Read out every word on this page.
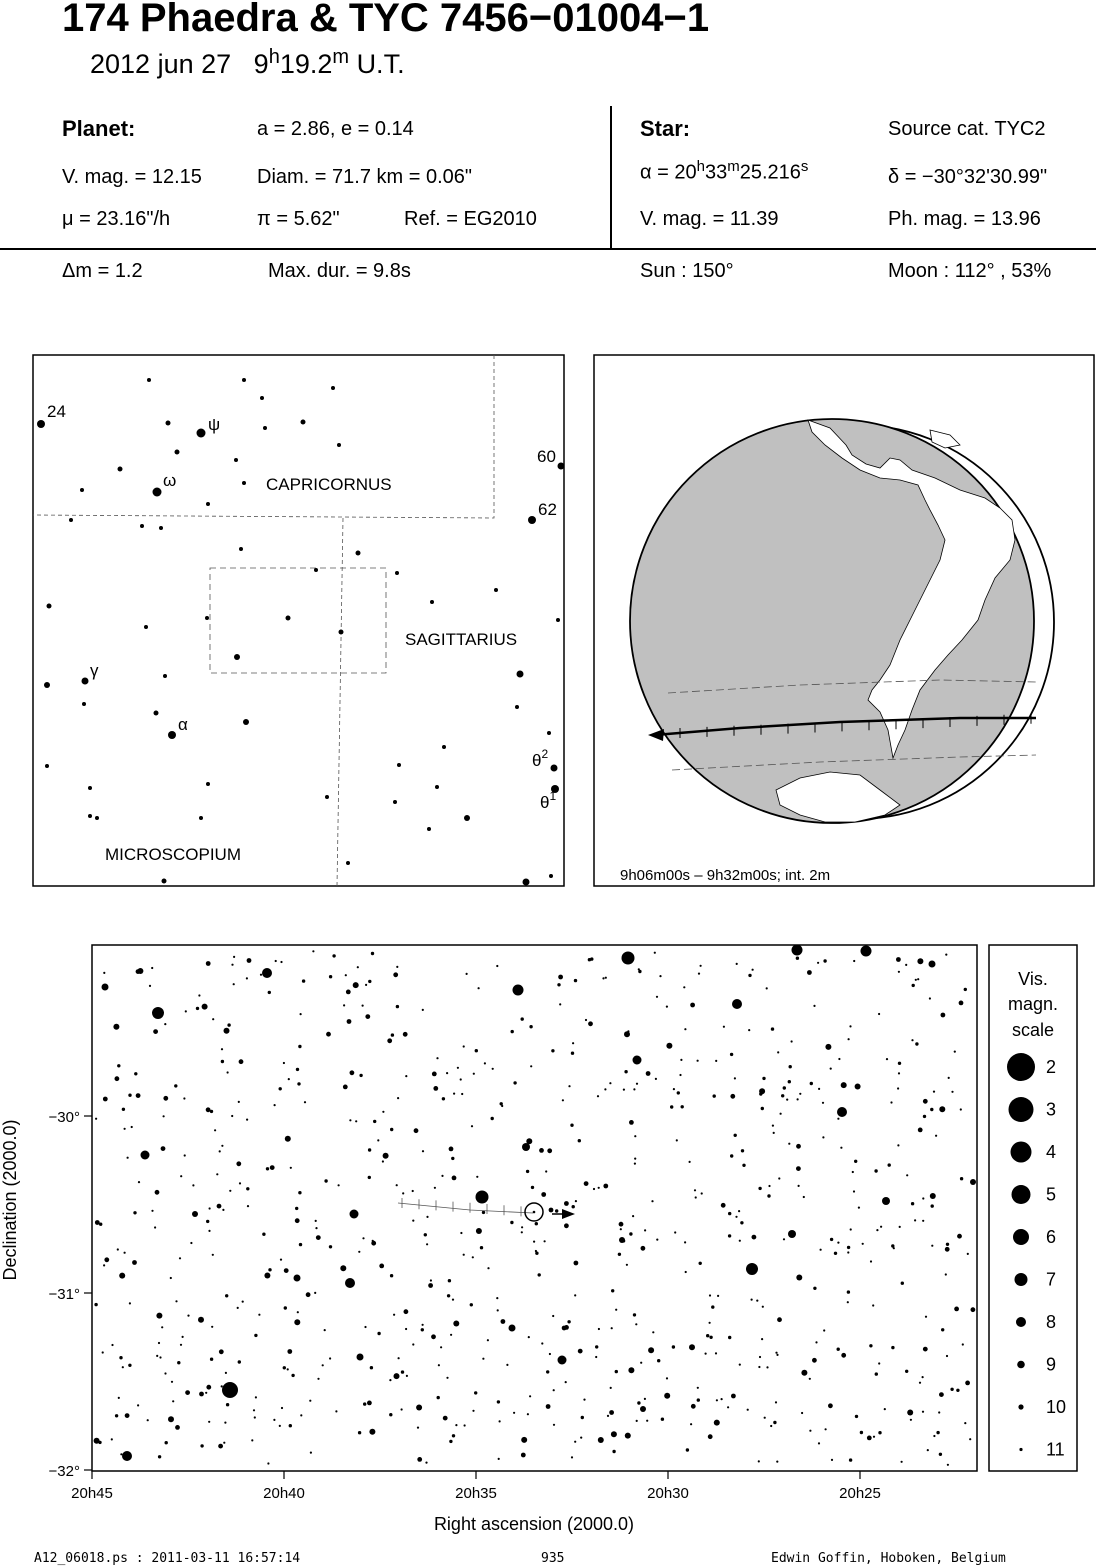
174 Phaedra & TYC 7456−01004−1
2012 jun 27 9$^h$19.2$^m$ U.T.
Planet:	a = 2.86, e = 0.14
V. mag. = 12.15	Diam. = 71.7 km = 0.06"
μ = 23.16"/h	π = 5.62"	Ref. = EG2010
Star:	Source cat. TYC2
$\alpha = 20^h33^m25.216^s$	δ = −30°32'30.99"
V. mag. = 11.39	Ph. mag. = 13.96
Δm = 1.2	Max. dur. = 9.8s	Sun : 150°	Moon : 112° , 53%
CAPRICORNUS
SAGITTARIUS
MICROSCOPIUM
24
ψ
ω
60
62
γ
α
$\theta^2$
$\theta^1$
9h06m00s – 9h32m00s; int. 2m
−30°
−31°
−32°
20h45	20h40	20h35	20h30	20h25
Right ascension (2000.0)
Declination (2000.0)
Vis.
magn.
scale
2
3
4
5
6
7
8
9
10
11
A12_06018.ps : 2011-03-11 16:57:14	935	Edwin Goffin, Hoboken, Belgium
